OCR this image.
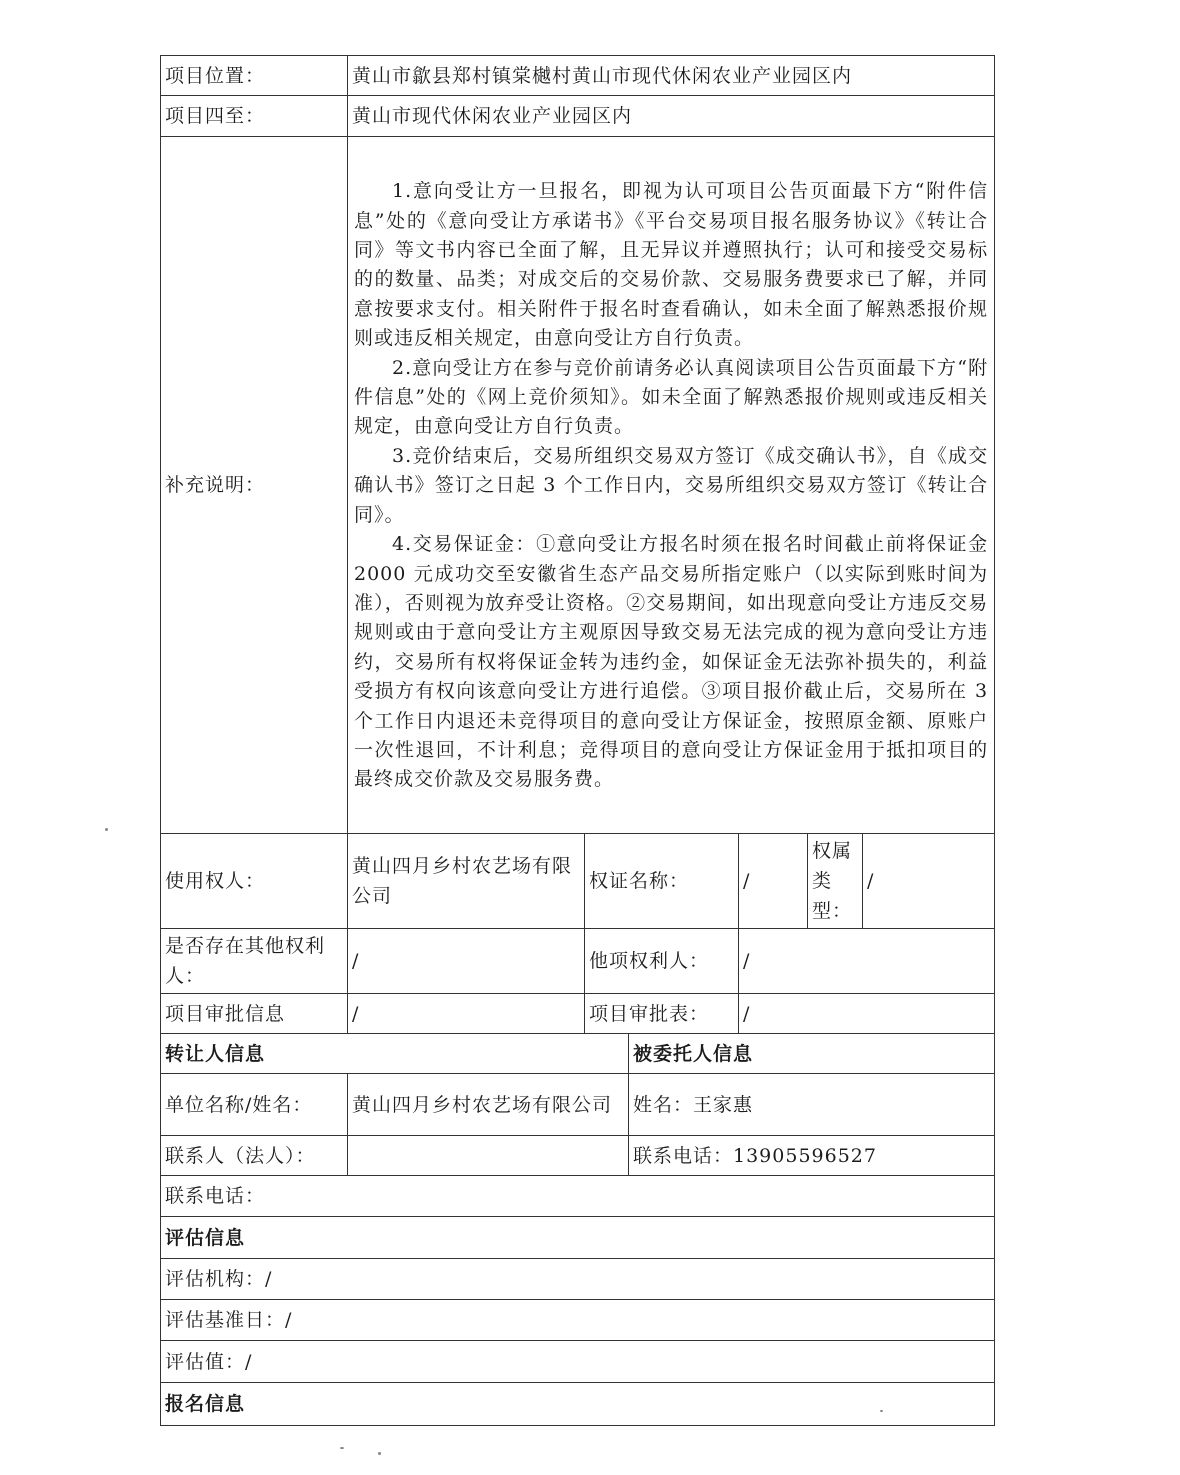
项目位置：	黄山市歙县郑村镇棠樾村黄山市现代休闲农业产业园区内					
项目四至：	黄山市现代休闲农业产业园区内					
补充说明：	1.意向受让方一旦报名，即视为认可项目公告页面最下方“附件信息”处的《意向受让方承诺书》《平台交易项目报名服务协议》《转让合同》等文书内容已全面了解，且无异议并遵照执行；认可和接受交易标的的数量、品类；对成交后的交易价款、交易服务费要求已了解，并同意按要求支付。相关附件于报名时查看确认，如未全面了解熟悉报价规则或违反相关规定，由意向受让方自行负责。
2.意向受让方在参与竞价前请务必认真阅读项目公告页面最下方“附件信息”处的《网上竞价须知》。如未全面了解熟悉报价规则或违反相关规定，由意向受让方自行负责。
3.竞价结束后，交易所组织交易双方签订《成交确认书》，自《成交确认书》签订之日起 3 个工作日内，交易所组织交易双方签订《转让合同》。
4.交易保证金：①意向受让方报名时须在报名时间截止前将保证金 2000 元成功交至安徽省生态产品交易所指定账户（以实际到账时间为准），否则视为放弃受让资格。②交易期间，如出现意向受让方违反交易规则或由于意向受让方主观原因导致交易无法完成的视为意向受让方违约，交易所有权将保证金转为违约金，如保证金无法弥补损失的，利益受损方有权向该意向受让方进行追偿。③项目报价截止后，交易所在 3 个工作日内退还未竞得项目的意向受让方保证金，按照原金额、原账户一次性退回，不计利息；竞得项目的意向受让方保证金用于抵扣项目的最终成交价款及交易服务费。					

使用权人：	黄山四月乡村农艺场有限公司	权证名称：		/	权属类型：	/
是否存在其他权利人：	/	他项权利人：		/		
项目审批信息	/	项目审批表：		/		
转让人信息			被委托人信息			
单位名称/姓名：	黄山四月乡村农艺场有限公司		姓名：王家惠			
联系人（法人）：			联系电话：13905596527			
联系电话：						
评估信息						
评估机构：/						
评估基准日：/						
评估值：/						
报名信息						
